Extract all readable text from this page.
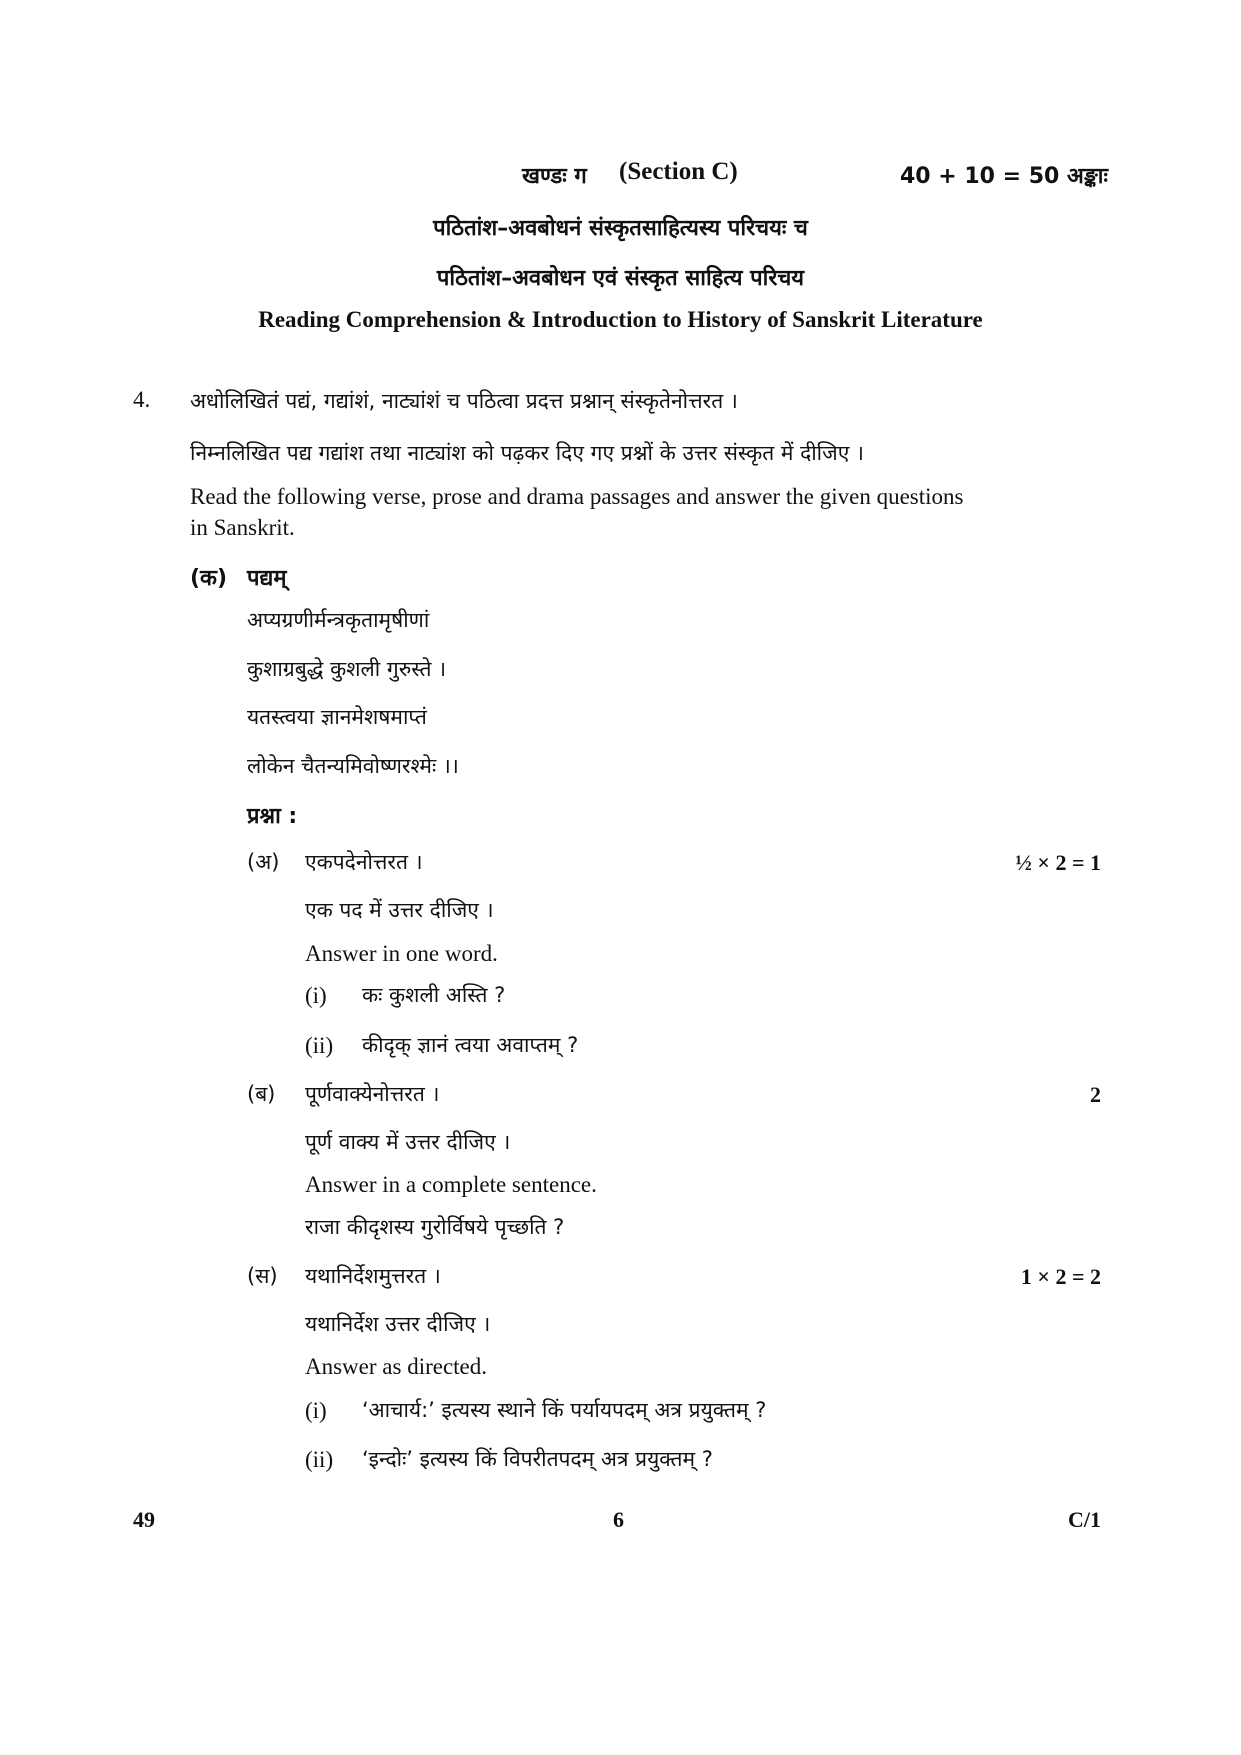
खण्डः ग (Section C)	40 + 10 = 50 अङ्काः
पठितांश–अवबोधनं संस्कृतसाहित्यस्य परिचयः च
पठितांश–अवबोधन एवं संस्कृत साहित्य परिचय
Reading Comprehension & Introduction to History of Sanskrit Literature
4. अधोलिखितं पद्यं, गद्यांशं, नाट्यांशं च पठित्वा प्रदत्त प्रश्नान् संस्कृतेनोत्तरत ।
निम्नलिखित पद्य गद्यांश तथा नाट्यांश को पढ़कर दिए गए प्रश्नों के उत्तर संस्कृत में दीजिए ।
Read the following verse, prose and drama passages and answer the given questions
in Sanskrit.
(क) पद्यम्
अप्यग्रणीर्मन्त्रकृतामृषीणां
कुशाग्रबुद्धे कुशली गुरुस्ते ।
यतस्त्वया ज्ञानमेशषमाप्तं
लोकेन चैतन्यमिवोष्णरश्मेः ।।
प्रश्ना :
(अ) एकपदेनोत्तरत ।	½ × 2 = 1
एक पद में उत्तर दीजिए ।
Answer in one word.
(i) कः कुशली अस्ति ?
(ii) कीदृक् ज्ञानं त्वया अवाप्तम् ?
(ब) पूर्णवाक्येनोत्तरत ।	2
पूर्ण वाक्य में उत्तर दीजिए ।
Answer in a complete sentence.
राजा कीदृशस्य गुरोर्विषये पृच्छति ?
(स) यथानिर्देशमुत्तरत ।	1 × 2 = 2
यथानिर्देश उत्तर दीजिए ।
Answer as directed.
(i) ‘आचार्य:’ इत्यस्य स्थाने किं पर्यायपदम् अत्र प्रयुक्तम् ?
(ii) ‘इन्दोः’ इत्यस्य किं विपरीतपदम् अत्र प्रयुक्तम् ?
49	6	C/1
